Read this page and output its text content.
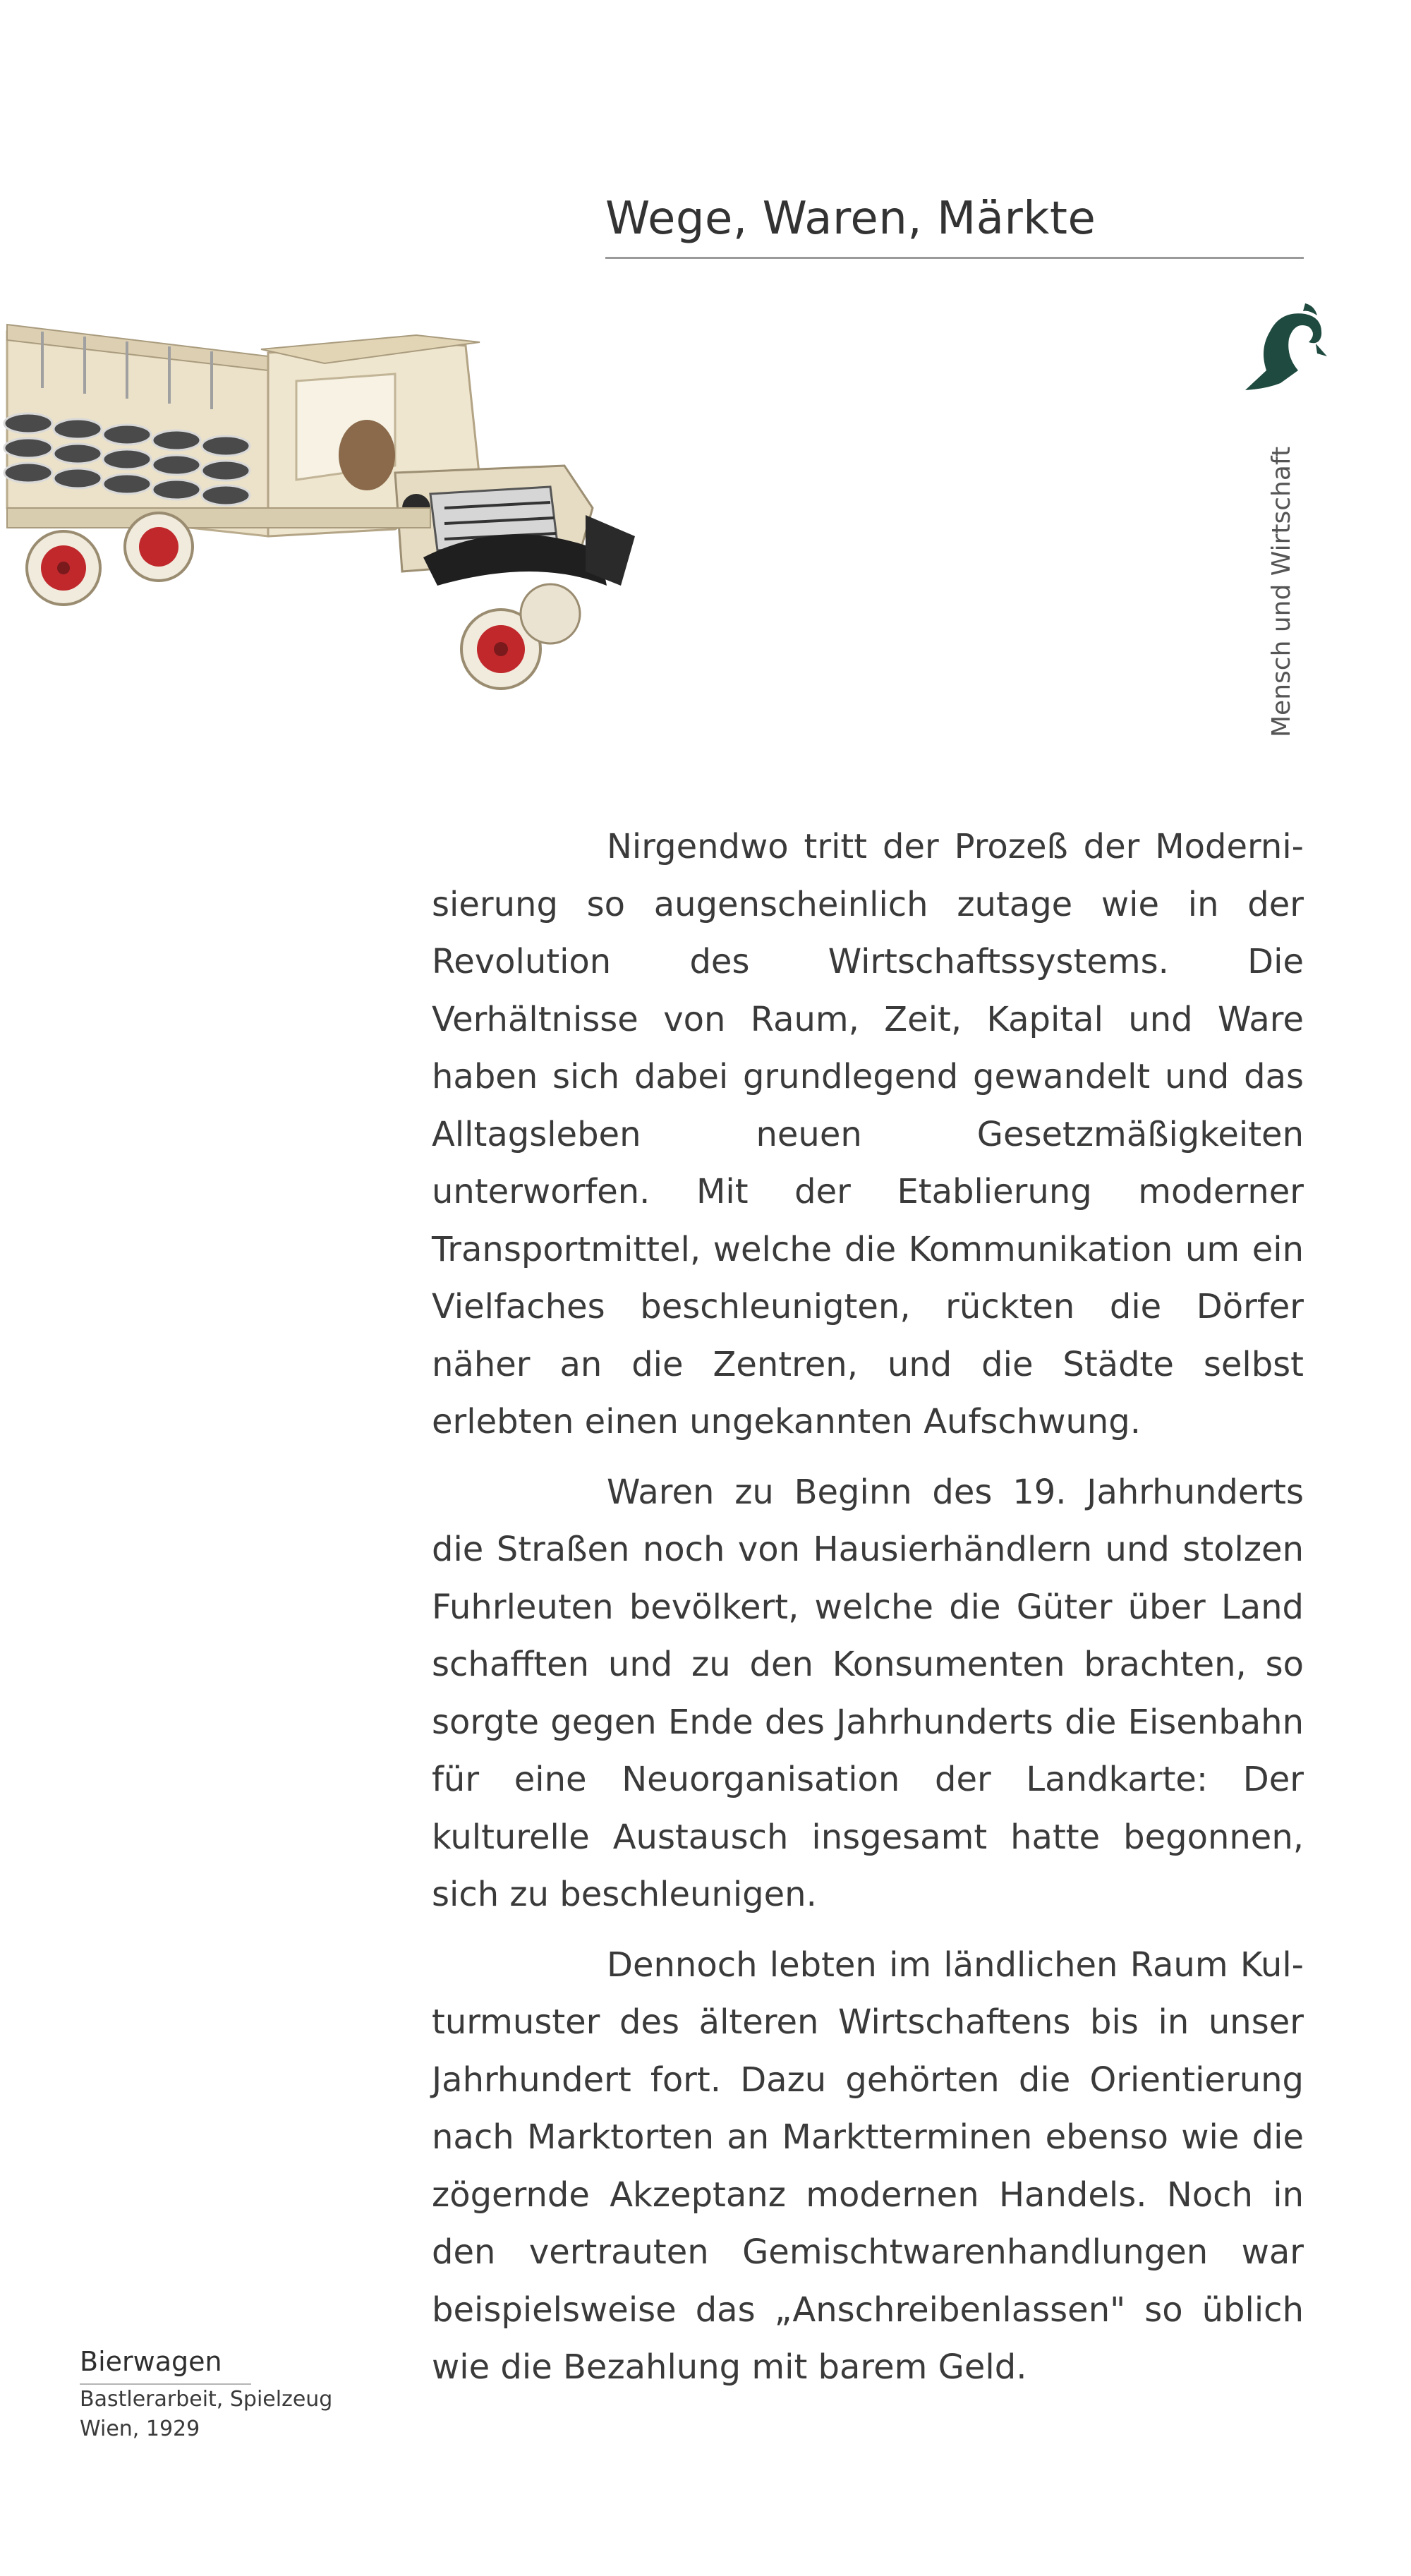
Wege, Waren, Märkte
Mensch und Wirtschaft

Nirgendwo tritt der Prozeß der Modernisierung so augenscheinlich zutage wie in der Revolution des Wirtschaftssystems. Die Verhältnisse von Raum, Zeit, Kapital und Ware haben sich dabei grundlegend gewandelt und das Alltagsleben neuen Gesetzmäßigkeiten unterworfen. Mit der Etablierung moderner Transportmittel, welche die Kommunikation um ein Vielfaches beschleunigten, rückten die Dörfer näher an die Zentren, und die Städte selbst erlebten einen ungekannten Aufschwung.

Waren zu Beginn des 19. Jahrhunderts die Straßen noch von Hausierhändlern und stolzen Fuhrleuten bevölkert, welche die Güter über Land schafften und zu den Konsumenten brachten, so sorgte gegen Ende des Jahrhunderts die Eisenbahn für eine Neuorganisation der Landkarte: Der kulturelle Austausch insgesamt hatte begonnen, sich zu beschleunigen.

Dennoch lebten im ländlichen Raum Kulturmuster des älteren Wirtschaftens bis in unser Jahrhundert fort. Dazu gehörten die Orientierung nach Marktorten an Marktterminen ebenso wie die zögernde Akzeptanz modernen Handels. Noch in den vertrauten Gemischtwarenhandlungen war beispielsweise das „Anschreibenlassen" so üblich wie die Bezahlung mit barem Geld.

Bierwagen
Bastlerarbeit, Spielzeug
Wien, 1929
